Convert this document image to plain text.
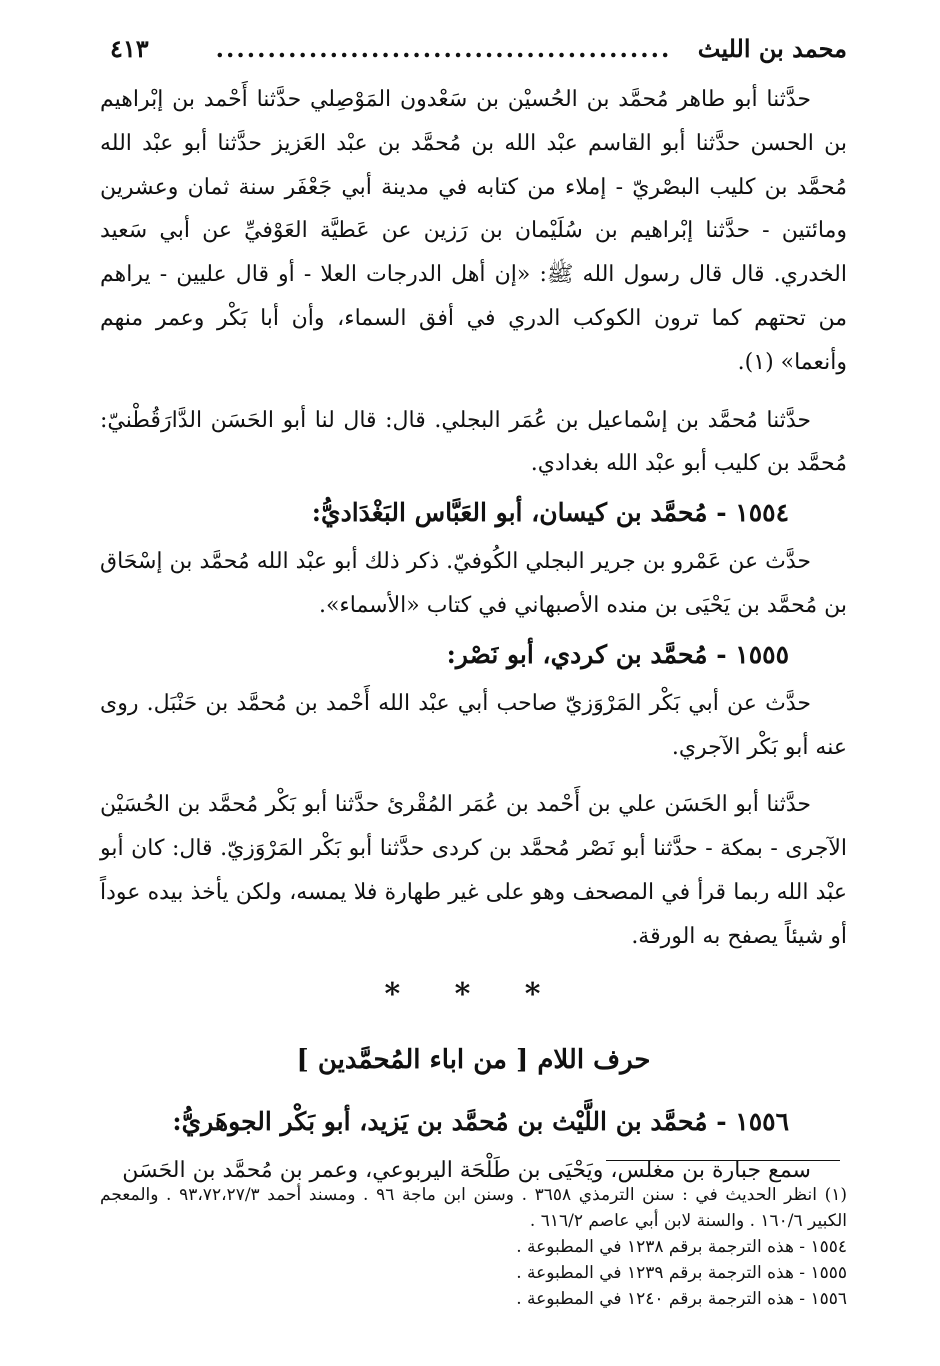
محمد بن الليث
............................................
٤١٣

حدَّثنا أبو طاهر مُحمَّد بن الحُسيْن بن سَعْدون المَوْصِلي حدَّثنا أَحْمد بن إبْراهيم بن الحسن حدَّثنا أبو القاسم عبْد الله بن مُحمَّد بن عبْد العَزيز حدَّثنا أبو عبْد الله مُحمَّد بن كليب البصْريّ - إملاء من كتابه في مدينة أبي جَعْفَر سنة ثمان وعشرين ومائتين - حدَّثنا إبْراهيم بن سُلَيْمان بن رَزين عن عَطيَّة العَوْفيِّ عن أبي سَعيد الخدري. قال قال رسول الله ﷺ: «إن أهل الدرجات العلا - أو قال عليين - يراهم من تحتهم كما ترون الكوكب الدري في أفق السماء، وأن أبا بَكْر وعمر منهم وأنعما» (١).

حدَّثنا مُحمَّد بن إسْماعيل بن عُمَر البجلي. قال: قال لنا أبو الحَسَن الدَّارَقُطْنيّ: مُحمَّد بن كليب أبو عبْد الله بغدادي.

١٥٥٤ - مُحمَّد بن كيسان، أبو العَبَّاس البَغْدَاديُّ:

حدَّث عن عَمْرو بن جرير البجلي الكُوفيّ. ذكر ذلك أبو عبْد الله مُحمَّد بن إسْحَاق بن مُحمَّد بن يَحْيَى بن منده الأصبهاني في كتاب «الأسماء».

١٥٥٥ - مُحمَّد بن كردي، أبو نَصْر:

حدَّث عن أبي بَكْر المَرْوَزيّ صاحب أبي عبْد الله أَحْمد بن مُحمَّد بن حَنْبَل. روى عنه أبو بَكْر الآجري.

حدَّثنا أبو الحَسَن علي بن أَحْمد بن عُمَر المُقْرئ حدَّثنا أبو بَكْر مُحمَّد بن الحُسَيْن الآجرى - بمكة - حدَّثنا أبو نَصْر مُحمَّد بن كردى حدَّثنا أبو بَكْر المَرْوَزيّ. قال: كان أبو عبْد الله ربما قرأ في المصحف وهو على غير طهارة فلا يمسه، ولكن يأخذ بيده عوداً أو شيئاً يصفح به الورقة.

* * *

حرف اللام [ من اباء المُحمَّدين ]

١٥٥٦ - مُحمَّد بن اللَّيْث بن مُحمَّد بن يَزيد، أبو بَكْر الجوهَريُّ:

سمع جبارة بن مغلس، ويَحْيَى بن طَلْحَة اليربوعي، وعمر بن مُحمَّد بن الحَسَن

(١) انظر الحديث في : سنن الترمذي ٣٦٥٨ . وسنن ابن ماجة ٩٦ . ومسند أحمد ٩٣،٧٢،٢٧/٣ . والمعجم الكبير ١٦٠/٦ . والسنة لابن أبي عاصم ٦١٦/٢ .

١٥٥٤ - هذه الترجمة برقم ١٢٣٨ في المطبوعة .

١٥٥٥ - هذه الترجمة برقم ١٢٣٩ في المطبوعة .

١٥٥٦ - هذه الترجمة برقم ١٢٤٠ في المطبوعة .
